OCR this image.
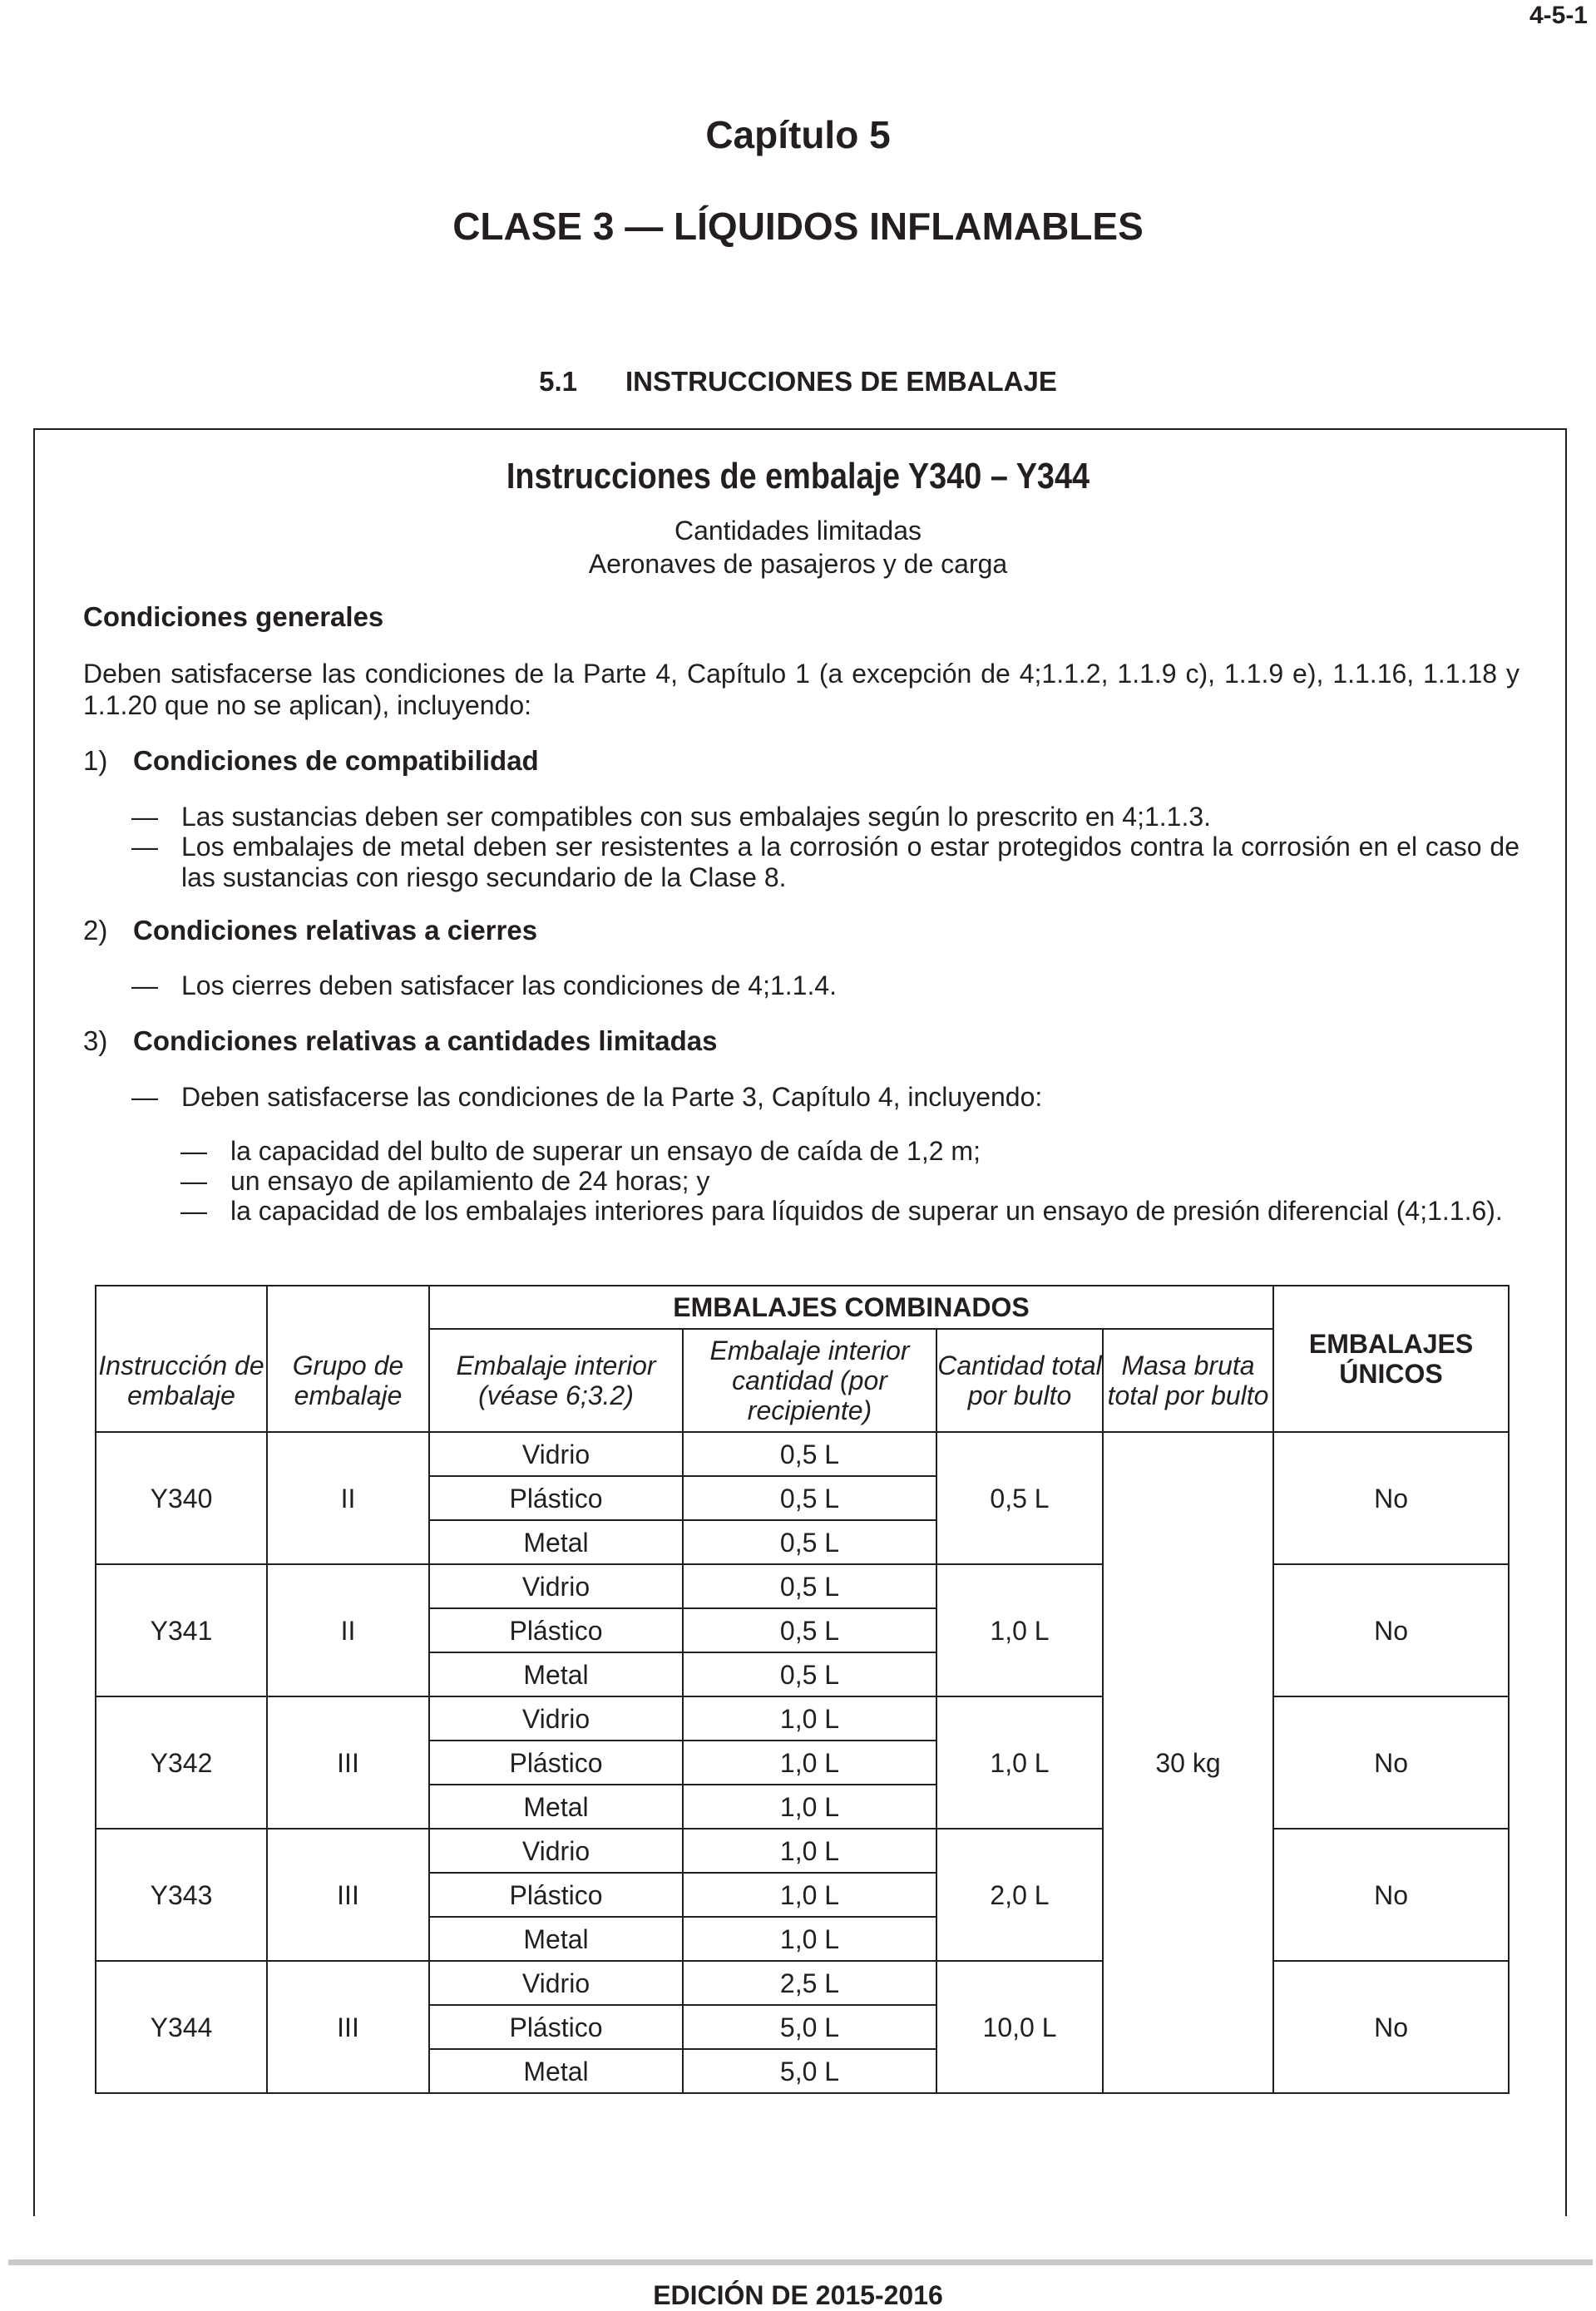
4-5-1
Capítulo 5
CLASE 3 — LÍQUIDOS INFLAMABLES
5.1 INSTRUCCIONES DE EMBALAJE
Instrucciones de embalaje Y340 – Y344
Cantidades limitadas
Aeronaves de pasajeros y de carga
Condiciones generales
Deben satisfacerse las condiciones de la Parte 4, Capítulo 1 (a excepción de 4;1.1.2, 1.1.9 c), 1.1.9 e), 1.1.16, 1.1.18 y 1.1.20 que no se aplican), incluyendo:
1) Condiciones de compatibilidad
— Las sustancias deben ser compatibles con sus embalajes según lo prescrito en 4;1.1.3.
— Los embalajes de metal deben ser resistentes a la corrosión o estar protegidos contra la corrosión en el caso de las sustancias con riesgo secundario de la Clase 8.
2) Condiciones relativas a cierres
— Los cierres deben satisfacer las condiciones de 4;1.1.4.
3) Condiciones relativas a cantidades limitadas
— Deben satisfacerse las condiciones de la Parte 3, Capítulo 4, incluyendo:
— la capacidad del bulto de superar un ensayo de caída de 1,2 m;
— un ensayo de apilamiento de 24 horas; y
— la capacidad de los embalajes interiores para líquidos de superar un ensayo de presión diferencial (4;1.1.6).
		EMBALAJES COMBINADOS				EMBALAJES ÚNICOS
Instrucción de embalaje	Grupo de embalaje	Embalaje interior (véase 6;3.2)	Embalaje interior cantidad (por recipiente)	Cantidad total por bulto	Masa bruta total por bulto	
Y340	II	Vidrio	0,5 L	0,5 L	30 kg	No
		Plástico	0,5 L			
		Metal	0,5 L			
Y341	II	Vidrio	0,5 L	1,0 L		No
		Plástico	0,5 L			
		Metal	0,5 L			
Y342	III	Vidrio	1,0 L	1,0 L		No
		Plástico	1,0 L			
		Metal	1,0 L			
Y343	III	Vidrio	1,0 L	2,0 L		No
		Plástico	1,0 L			
		Metal	1,0 L			
Y344	III	Vidrio	2,5 L	10,0 L		No
		Plástico	5,0 L			
		Metal	5,0 L			
EDICIÓN DE 2015-2016
